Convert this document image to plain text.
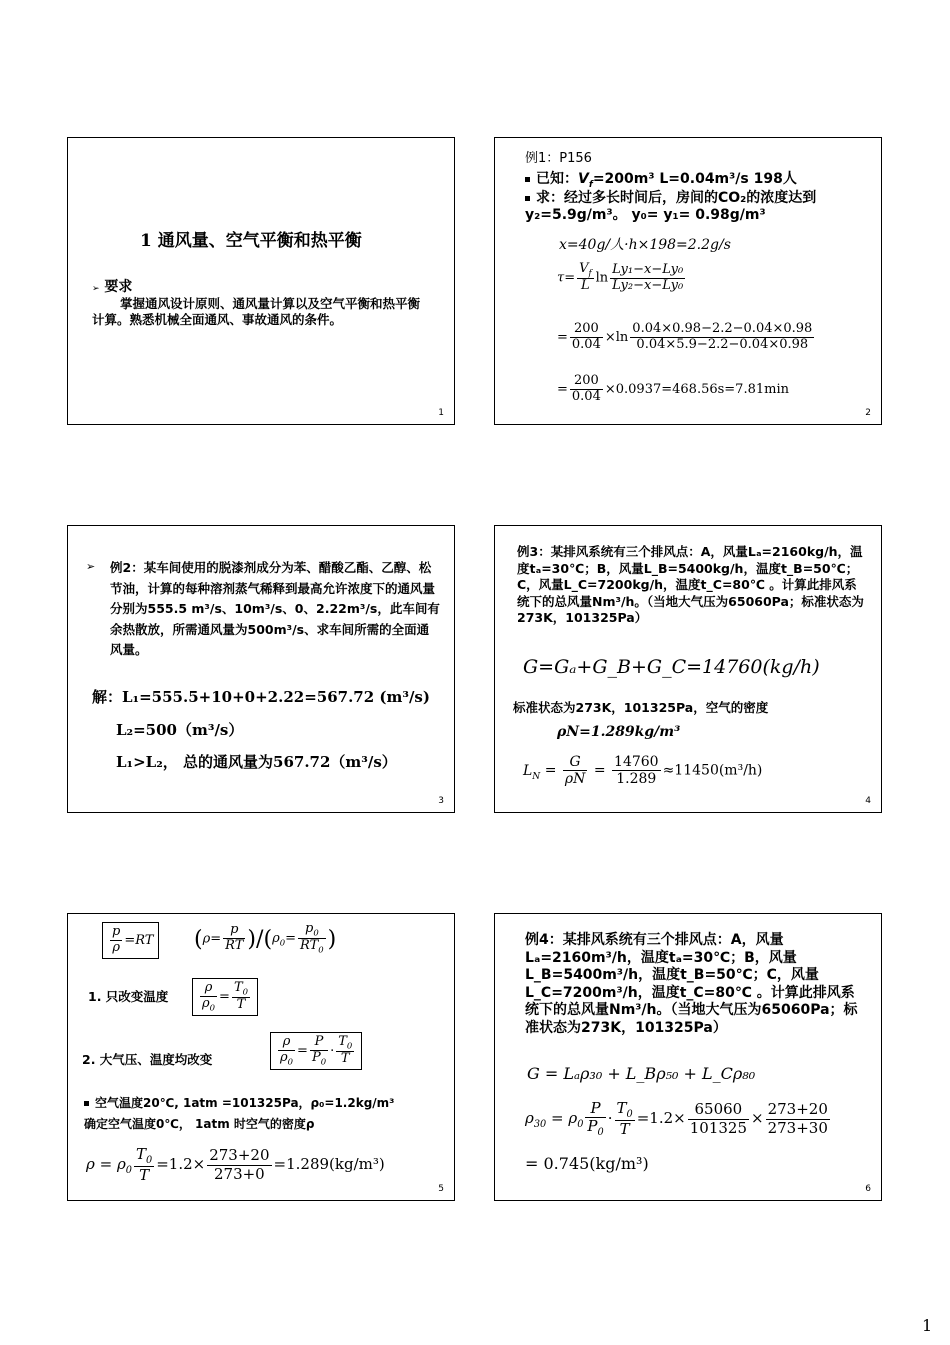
1 通风量、空气平衡和热平衡
➢ 要求
掌握通风设计原则、通风量计算以及空气平衡和热平衡计算。熟悉机械全面通风、事故通风的条件。
1
例1：P156
已知：$V_f=200m^3$ L=0.04m³/s 198人
求：经过多长时间后，房间的CO₂的浓度达到 y₂=5.9g/m³。 y₀= y₁= 0.98g/m³
x=40g/人·h×198=2.2g/s
$\tau= \frac{V_f}{L}$ $\ln \frac{\text{Ly₁−x−Ly₀}}{\text{Ly₂−x−Ly₀}}$
= $\frac{200}{0.04} \times\ln \frac{0.04\times 0.98-2.2-0.04\times 0.98}{0.04\times 5.9-2.2-0.04\times 0.98}$
= $\frac{200}{0.04} \times 0.0937=468.56s=7.81\min$
2
➢ 例2：某车间使用的脱漆剂成分为苯、醋酸乙酯、乙醇、松节油，计算的每种溶剂蒸气稀释到最高允许浓度下的通风量分别为555.5 m³/s、10m³/s、0、2.22m³/s，此车间有余热散放，所需通风量为500m³/s、求车间所需的全面通风量。
解：L₁=555.5+10+0+2.22=567.72 (m³/s)
L₂=500（m³/s）
L₁>L₂， 总的通风量为567.72（m³/s）
3
例3：某排风系统有三个排风点：A，风量Lₐ=2160kg/h，温度tₐ=30℃；B，风量L_B=5400kg/h，温度t_B=50℃；C，风量L_C=7200kg/h，温度t_C=80℃ 。计算此排风系统下的总风量Nm³/h。（当地大气压为65060Pa；标准状态为273K，101325Pa）
G=Gₐ+G_B+G_C=14760(kg/h)
标准状态为273K，101325Pa，空气的密度
ρN=1.289kg/m³
$L_N = \frac{G}{\rho N} = \frac{14760}{1.289} \approx 11450(m^3/h)$
4
$\frac{p}{\rho} =RT$ $(\rho= \frac{p}{RT} )/(\rho_0= \frac{p_0}{RT_0}$ )
1. 只改变温度 $\frac{\rho}{\rho_0} = \frac{T_0}{T}$
2. 大气压、温度均改变	$\frac{\rho}{\rho_0} = \frac{P}{P_0} \cdot \frac{T_0}{T}$
空气温度20℃, 1atm =101325Pa，ρ₀=1.2kg/m³
确定空气温度0℃， 1atm 时空气的密度ρ
$\rho = \rho_0 \frac{T_0}{T} =1.2\times \frac{273+20}{273+0} =1.289(kg/m^3)$
5
例4：某排风系统有三个排风点：A，风量Lₐ=2160m³/h，温度tₐ=30℃；B，风量L_B=5400m³/h，温度t_B=50℃；C，风量L_C=7200m³/h，温度t_C=80℃ 。计算此排风系统下的总风量Nm³/h。（当地大气压为65060Pa；标准状态为273K，101325Pa）
G = Lₐρ₃₀ + L_Bρ₅₀ + L_Cρ₈₀
$\rho_{30} = \rho_0 \frac{P}{P_0} \cdot \frac{T_0}{T} =1.2\times \frac{65060}{101325} \times \frac{273+20}{273+30}$
= 0.745(kg/m³)
6
1
